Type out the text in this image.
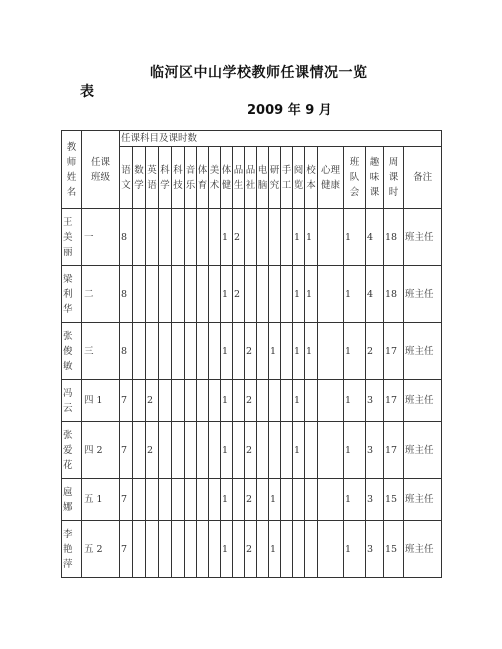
临河区中山学校教师任课情况一览
表
2009 年 9 月
教师姓名	任课班级	任课科目及课时数																				

		语文	数学	英语	科学	科技	音乐	体育	美术	体健	品生	品社	电脑	研究	手工	阅览	校本	心理健康	班队会	趣味课	周课时	备注

王美丽	一	8								1	2					1	1		1	4	18	班主任

梁利华	二	8								1	2					1	1		1	4	18	班主任

张俊敏	三	8								1		2		1		1	1		1	2	17	班主任

冯云	四 1	7		2						1		2				1			1	3	17	班主任

张爱花	四 2	7		2						1		2				1			1	3	17	班主任

扈娜	五 1	7								1		2		1					1	3	15	班主任

李艳萍	五 2	7								1		2		1					1	3	15	班主任
